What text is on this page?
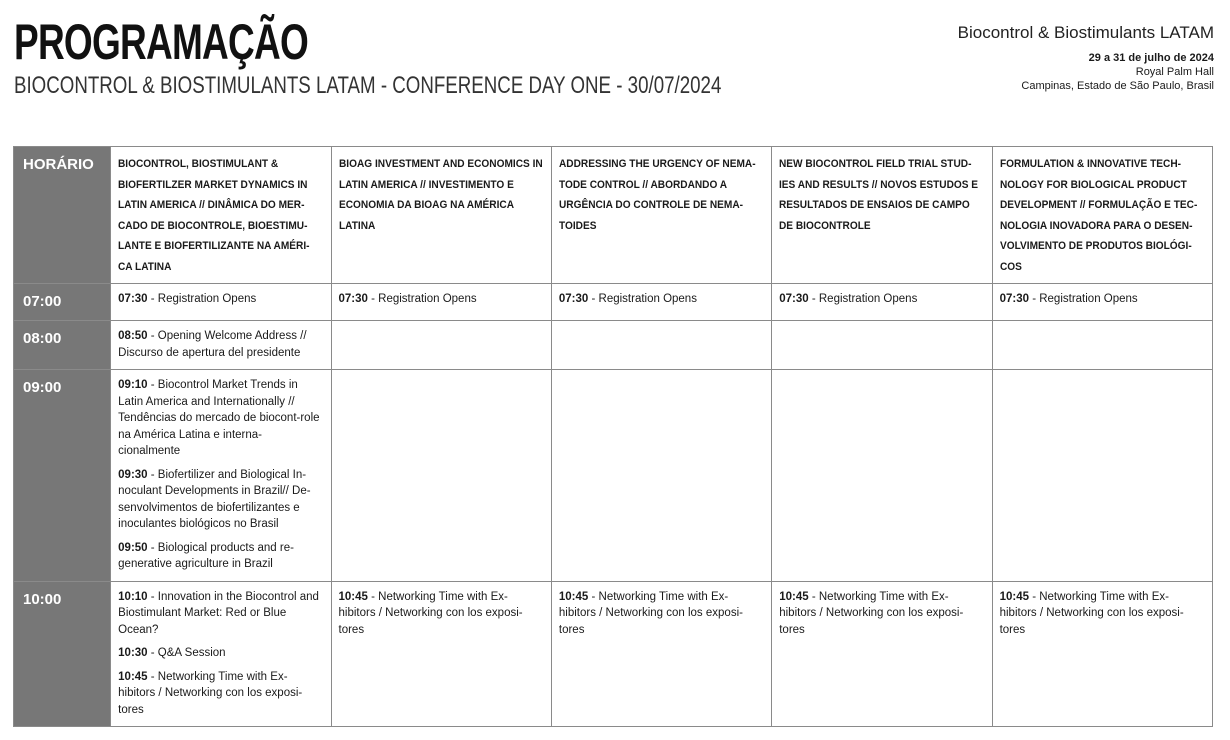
PROGRAMAÇÃO
BIOCONTROL & BIOSTIMULANTS LATAM - CONFERENCE DAY ONE - 30/07/2024
Biocontrol & Biostimulants LATAM
29 a 31 de julho de 2024
Royal Palm Hall
Campinas, Estado de São Paulo, Brasil
HORÁRIO	BIOCONTROL, BIOSTIMULANT & BIOFERTILZER MARKET DYNAMICS IN LATIN AMERICA // DINÂMICA DO MER-CADO DE BIOCONTROLE, BIOESTIMU-LANTE E BIOFERTILIZANTE NA AMÉRI-CA LATINA	BIOAG INVESTMENT AND ECONOMICS IN LATIN AMERICA // INVESTIMENTO E ECONOMIA DA BIOAG NA AMÉRICA LATINA	ADDRESSING THE URGENCY OF NEMA-TODE CONTROL // ABORDANDO A URGÊNCIA DO CONTROLE DE NEMA-TOIDES	NEW BIOCONTROL FIELD TRIAL STUD-IES AND RESULTS // NOVOS ESTUDOS E RESULTADOS DE ENSAIOS DE CAMPO DE BIOCONTROLE	FORMULATION & INNOVATIVE TECH-NOLOGY FOR BIOLOGICAL PRODUCT DEVELOPMENT // FORMULAÇÃO E TEC-NOLOGIA INOVADORA PARA O DESEN-VOLVIMENTO DE PRODUTOS BIOLÓGI-COS
07:00	07:30 - Registration Opens	07:30 - Registration Opens	07:30 - Registration Opens	07:30 - Registration Opens	07:30 - Registration Opens

08:00	08:50 - Opening Welcome Address // Discurso de apertura del presidente				

09:00	09:10 - Biocontrol Market Trends in Latin America and Internationally // Tendências do mercado de biocont-role na América Latina e interna-cionalmente
09:30 - Biofertilizer and Biological In-noculant Developments in Brazil// De-senvolvimentos de biofertilizantes e inoculantes biológicos no Brasil
09:50 - Biological products and re-generative agriculture in Brazil				

10:00	10:10 - Innovation in the Biocontrol and Biostimulant Market: Red or Blue Ocean?
10:30 - Q&A Session
10:45 - Networking Time with Ex-hibitors / Networking con los exposi-tores	10:45 - Networking Time with Ex-hibitors / Networking con los exposi-tores	10:45 - Networking Time with Ex-hibitors / Networking con los exposi-tores	10:45 - Networking Time with Ex-hibitors / Networking con los exposi-tores	10:45 - Networking Time with Ex-hibitors / Networking con los exposi-tores
